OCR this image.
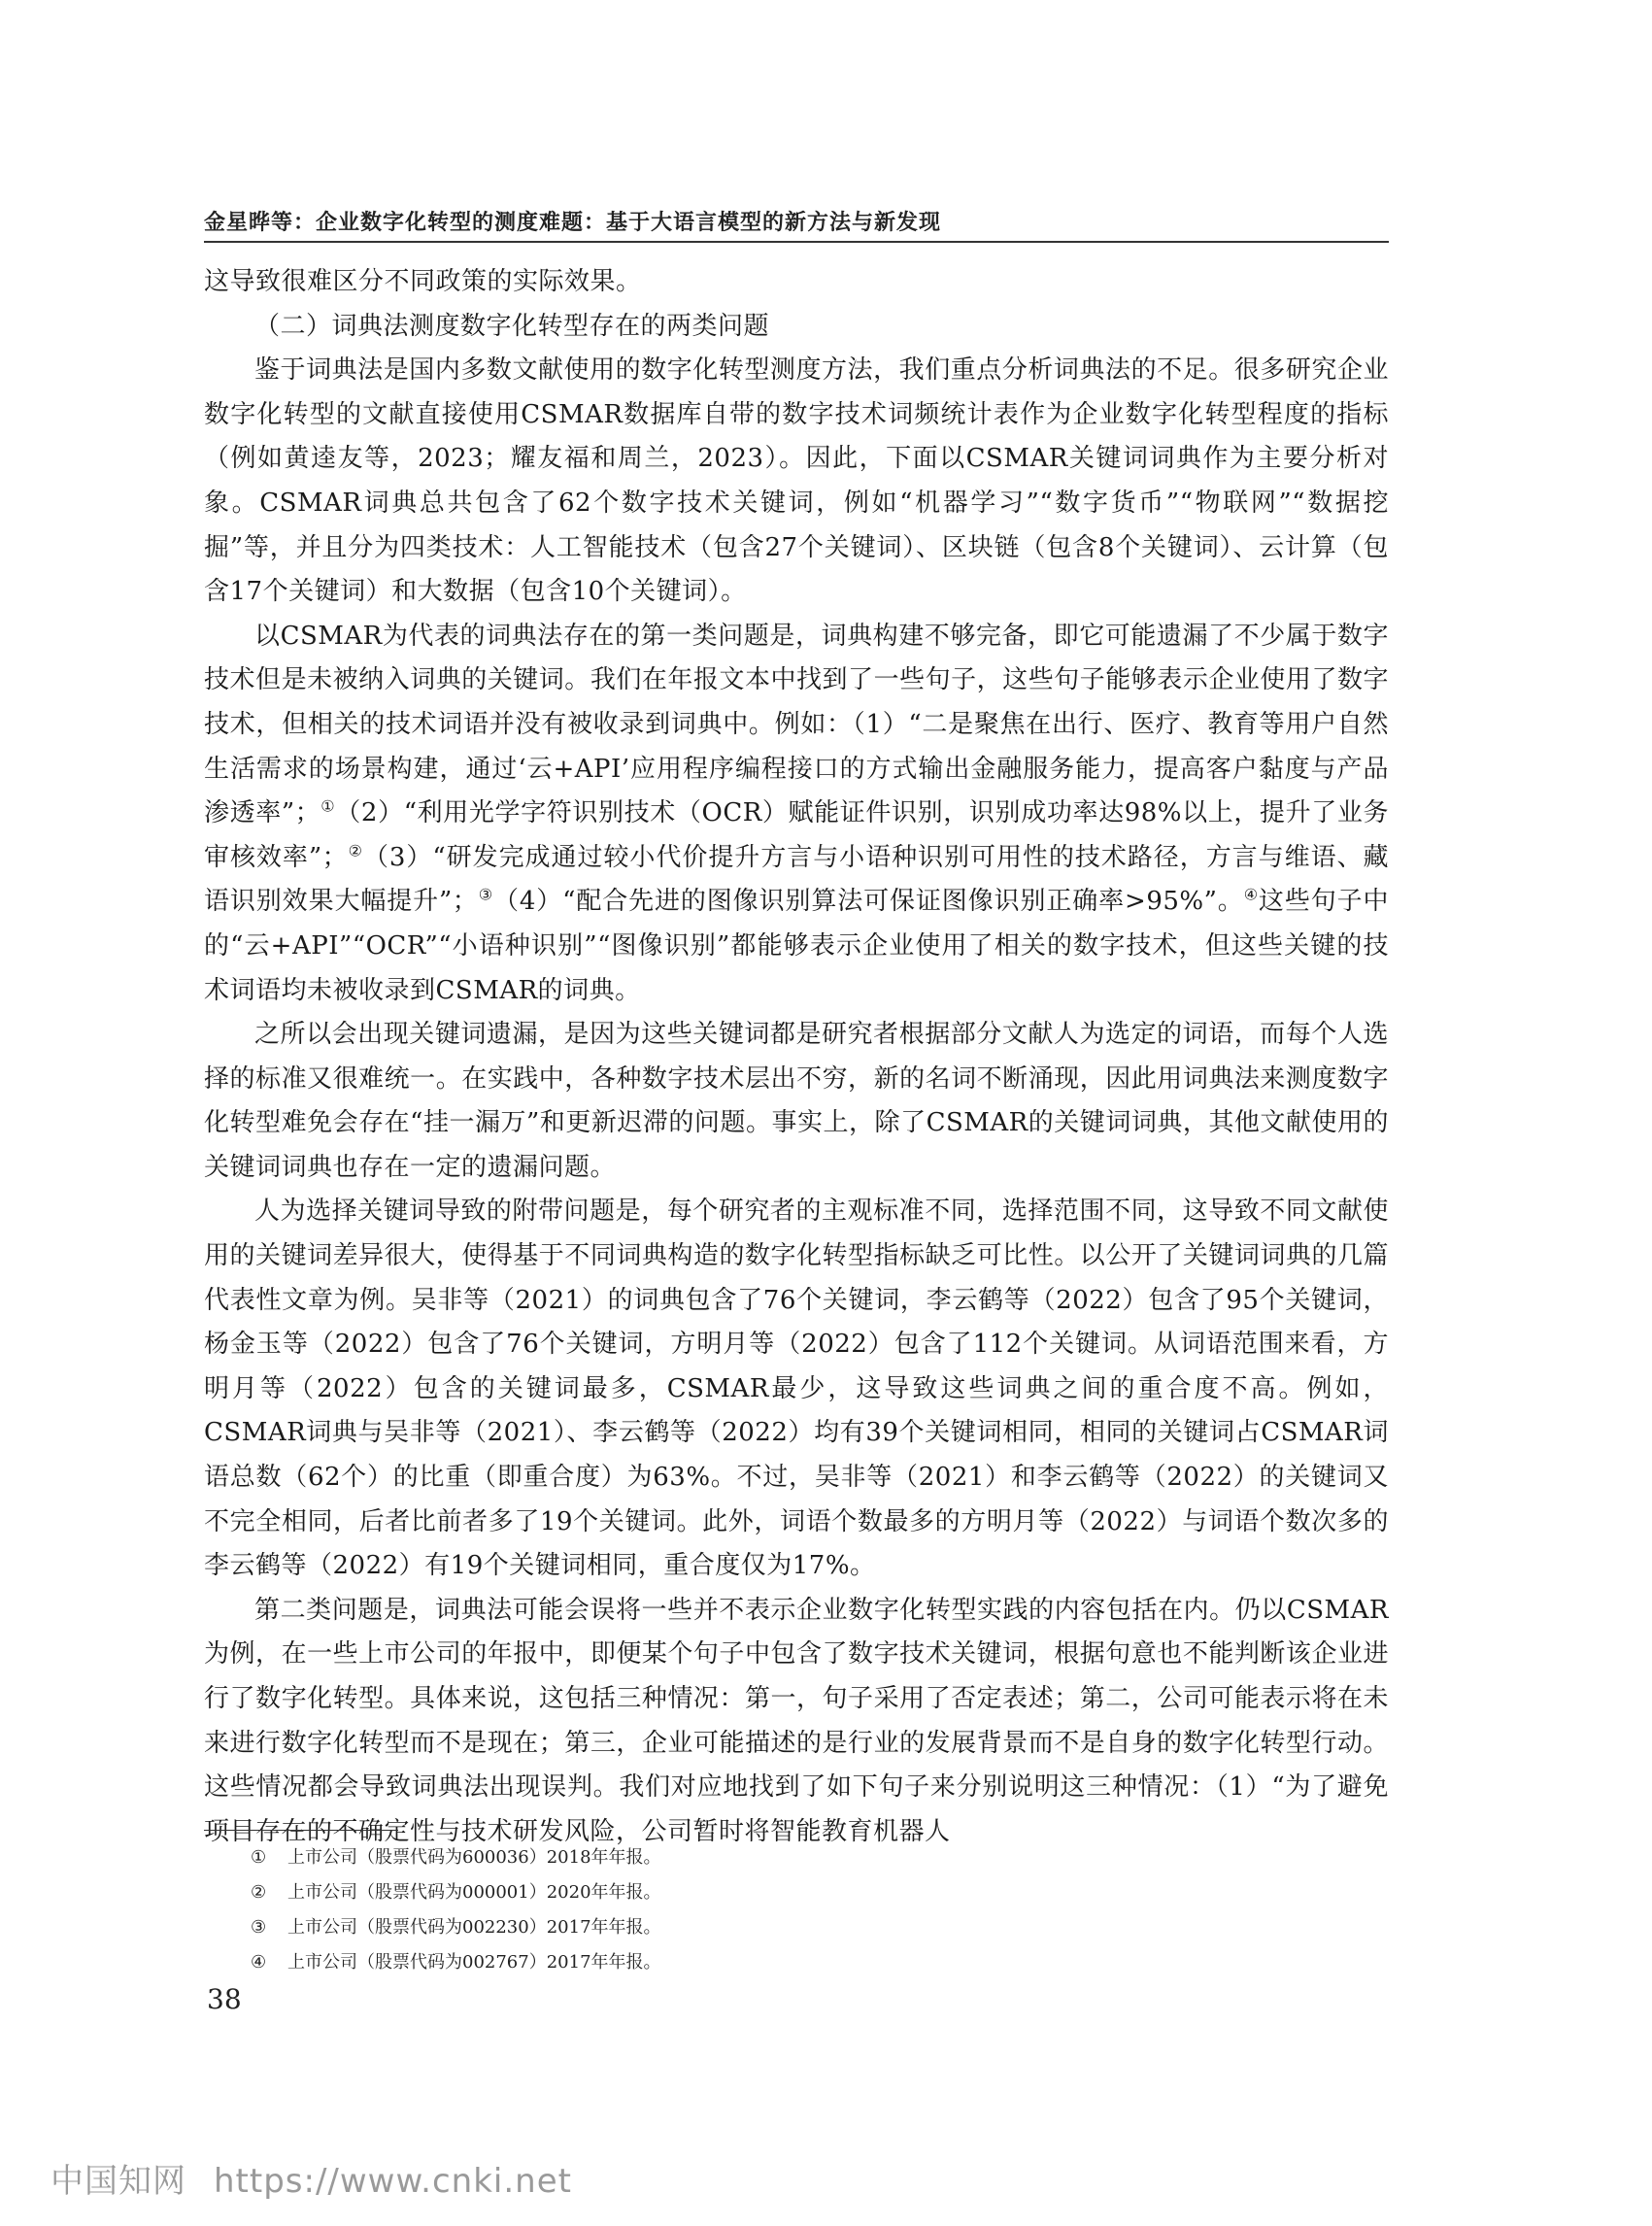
金星晔等：企业数字化转型的测度难题：基于大语言模型的新方法与新发现

这导致很难区分不同政策的实际效果。

（二）词典法测度数字化转型存在的两类问题

鉴于词典法是国内多数文献使用的数字化转型测度方法，我们重点分析词典法的不足。很多研究企业数字化转型的文献直接使用CSMAR数据库自带的数字技术词频统计表作为企业数字化转型程度的指标（例如黄逵友等，2023；耀友福和周兰，2023）。因此，下面以CSMAR关键词词典作为主要分析对象。CSMAR词典总共包含了62个数字技术关键词，例如“机器学习”“数字货币”“物联网”“数据挖掘”等，并且分为四类技术：人工智能技术（包含27个关键词）、区块链（包含8个关键词）、云计算（包含17个关键词）和大数据（包含10个关键词）。

以CSMAR为代表的词典法存在的第一类问题是，词典构建不够完备，即它可能遗漏了不少属于数字技术但是未被纳入词典的关键词。我们在年报文本中找到了一些句子，这些句子能够表示企业使用了数字技术，但相关的技术词语并没有被收录到词典中。例如：（1）“二是聚焦在出行、医疗、教育等用户自然生活需求的场景构建，通过‘云+API’应用程序编程接口的方式输出金融服务能力，提高客户黏度与产品渗透率”；①（2）“利用光学字符识别技术（OCR）赋能证件识别，识别成功率达98%以上，提升了业务审核效率”；②（3）“研发完成通过较小代价提升方言与小语种识别可用性的技术路径，方言与维语、藏语识别效果大幅提升”；③（4）“配合先进的图像识别算法可保证图像识别正确率>95%”。④这些句子中的“云+API”“OCR”“小语种识别”“图像识别”都能够表示企业使用了相关的数字技术，但这些关键的技术词语均未被收录到CSMAR的词典。

之所以会出现关键词遗漏，是因为这些关键词都是研究者根据部分文献人为选定的词语，而每个人选择的标准又很难统一。在实践中，各种数字技术层出不穷，新的名词不断涌现，因此用词典法来测度数字化转型难免会存在“挂一漏万”和更新迟滞的问题。事实上，除了CSMAR的关键词词典，其他文献使用的关键词词典也存在一定的遗漏问题。

人为选择关键词导致的附带问题是，每个研究者的主观标准不同，选择范围不同，这导致不同文献使用的关键词差异很大，使得基于不同词典构造的数字化转型指标缺乏可比性。以公开了关键词词典的几篇代表性文章为例。吴非等（2021）的词典包含了76个关键词，李云鹤等（2022）包含了95个关键词，杨金玉等（2022）包含了76个关键词，方明月等（2022）包含了112个关键词。从词语范围来看，方明月等（2022）包含的关键词最多，CSMAR最少，这导致这些词典之间的重合度不高。例如，CSMAR词典与吴非等（2021）、李云鹤等（2022）均有39个关键词相同，相同的关键词占CSMAR词语总数（62个）的比重（即重合度）为63%。不过，吴非等（2021）和李云鹤等（2022）的关键词又不完全相同，后者比前者多了19个关键词。此外，词语个数最多的方明月等（2022）与词语个数次多的李云鹤等（2022）有19个关键词相同，重合度仅为17%。

第二类问题是，词典法可能会误将一些并不表示企业数字化转型实践的内容包括在内。仍以CSMAR为例，在一些上市公司的年报中，即便某个句子中包含了数字技术关键词，根据句意也不能判断该企业进行了数字化转型。具体来说，这包括三种情况：第一，句子采用了否定表述；第二，公司可能表示将在未来进行数字化转型而不是现在；第三，企业可能描述的是行业的发展背景而不是自身的数字化转型行动。这些情况都会导致词典法出现误判。我们对应地找到了如下句子来分别说明这三种情况：（1）“为了避免项目存在的不确定性与技术研发风险，公司暂时将智能教育机器人

① 上市公司（股票代码为600036）2018年年报。
② 上市公司（股票代码为000001）2020年年报。
③ 上市公司（股票代码为002230）2017年年报。
④ 上市公司（股票代码为002767）2017年年报。
38
中国知网 https://www.cnki.net
